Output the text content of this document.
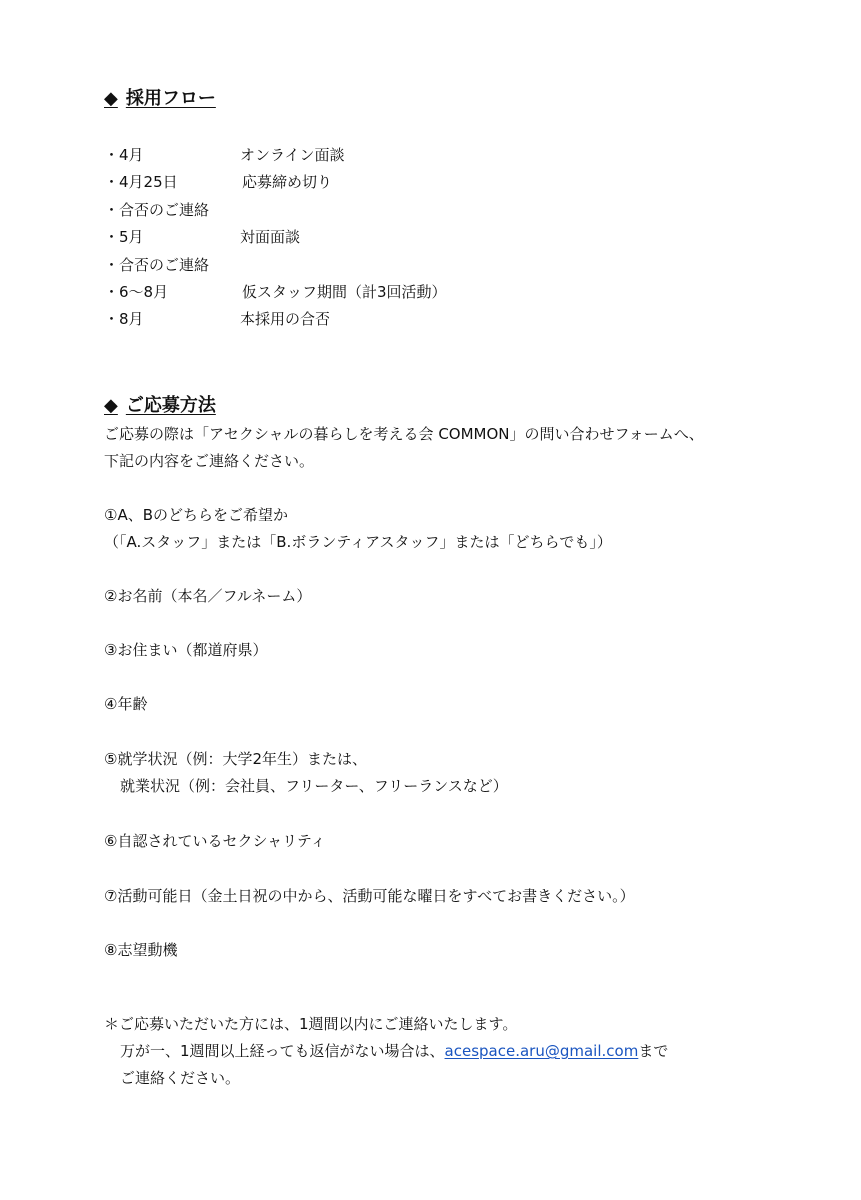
◆ 採用フロー
・4月	オンライン面談
・4月25日	応募締め切り
・合否のご連絡
・5月	対面面談
・合否のご連絡
・6〜8月	仮スタッフ期間（計3回活動）
・8月	本採用の合否
◆ ご応募方法
ご応募の際は「アセクシャルの暮らしを考える会 COMMON」の問い合わせフォームへ、
下記の内容をご連絡ください。
①A、Bのどちらをご希望か
（「A.スタッフ」または「B.ボランティアスタッフ」または「どちらでも」）
②お名前（本名／フルネーム）
③お住まい（都道府県）
④年齢
⑤就学状況（例：大学2年生）または、
就業状況（例：会社員、フリーター、フリーランスなど）
⑥自認されているセクシャリティ
⑦活動可能日（金土日祝の中から、活動可能な曜日をすべてお書きください。）
⑧志望動機
＊ご応募いただいた方には、1週間以内にご連絡いたします。
万が一、1週間以上経っても返信がない場合は、acespace.aru@gmail.comまで
ご連絡ください。
